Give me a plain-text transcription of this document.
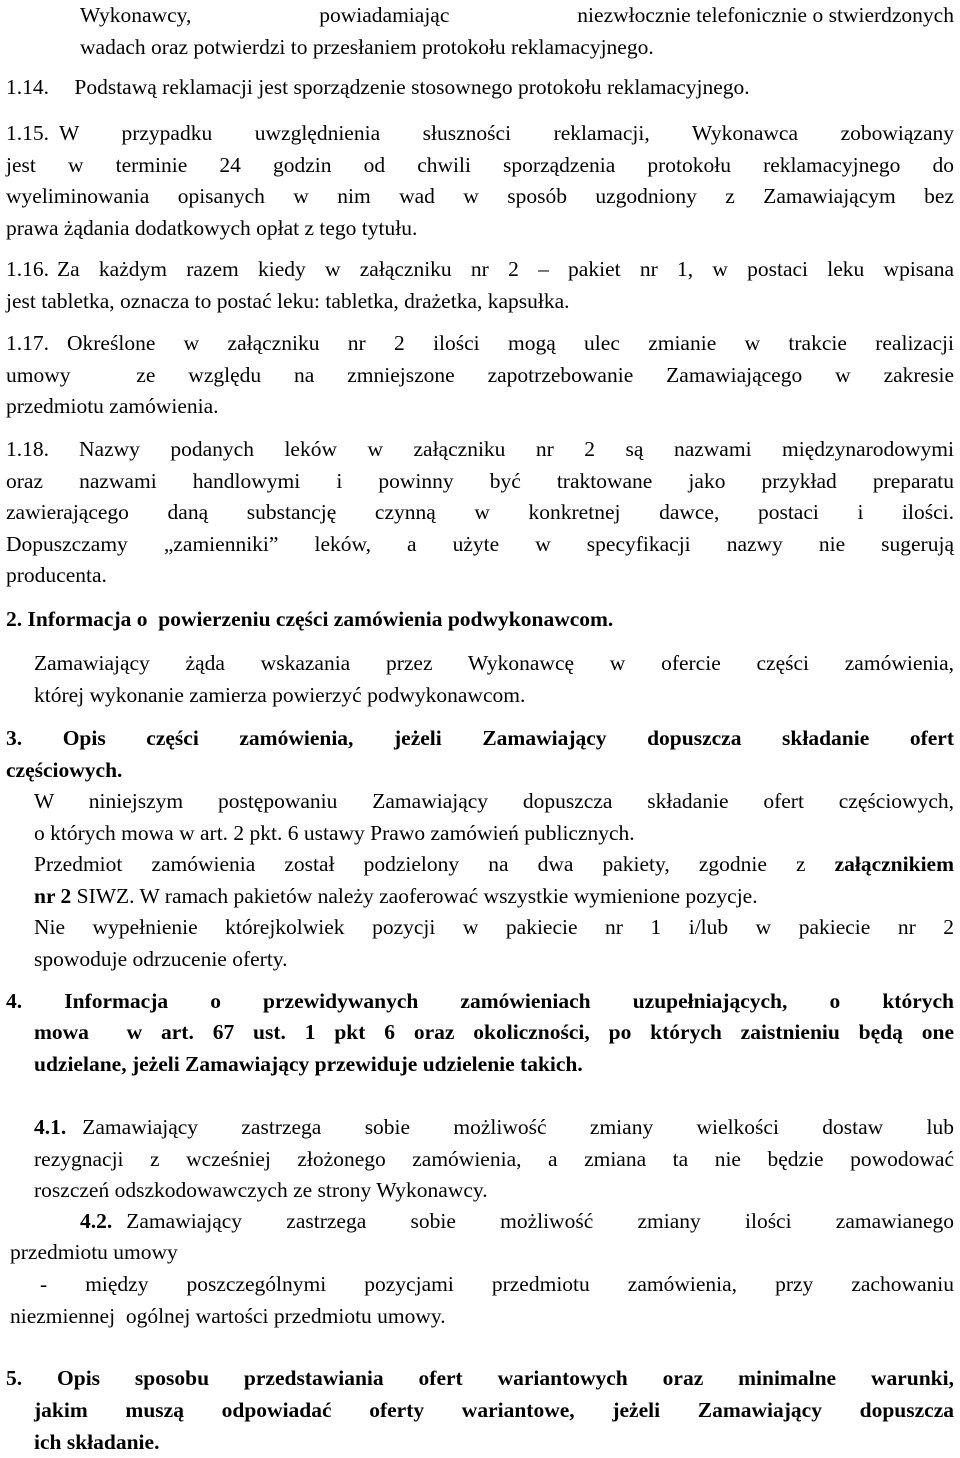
Wykonawcy,	powiadamiając	niezwłocznie telefonicznie o stwierdzonych
wadach oraz potwierdzi to przesłaniem protokołu reklamacyjnego.
1.14. Podstawą reklamacji jest sporządzenie stosownego protokołu reklamacyjnego.
1.15. W przypadku uwzględnienia słuszności reklamacji, Wykonawca zobowiązany
jest w terminie 24 godzin od chwili sporządzenia protokołu reklamacyjnego do
wyeliminowania opisanych w nim wad w sposób uzgodniony z Zamawiającym bez
prawa żądania dodatkowych opłat z tego tytułu.
1.16. Za każdym razem kiedy w załączniku nr 2 – pakiet nr 1, w postaci leku wpisana
jest tabletka, oznacza to postać leku: tabletka, drażetka, kapsułka.
1.17. Określone w załączniku nr 2 ilości mogą ulec zmianie w trakcie realizacji
umowy  ze względu na zmniejszone zapotrzebowanie Zamawiającego w zakresie
przedmiotu zamówienia.
1.18. Nazwy podanych leków w załączniku nr 2 są nazwami międzynarodowymi
oraz nazwami handlowymi i powinny być traktowane jako przykład preparatu
zawierającego daną substancję czynną w konkretnej dawce, postaci i ilości.
Dopuszczamy „zamienniki” leków, a użyte w specyfikacji nazwy nie sugerują
producenta.
2. Informacja o  powierzeniu części zamówienia podwykonawcom.
Zamawiający żąda wskazania przez Wykonawcę w ofercie części zamówienia,
której wykonanie zamierza powierzyć podwykonawcom.
3. Opis części zamówienia, jeżeli Zamawiający dopuszcza składanie ofert
częściowych.
W niniejszym postępowaniu Zamawiający dopuszcza składanie ofert częściowych,
o których mowa w art. 2 pkt. 6 ustawy Prawo zamówień publicznych.
Przedmiot zamówienia został podzielony na dwa pakiety, zgodnie z załącznikiem
nr 2 SIWZ. W ramach pakietów należy zaoferować wszystkie wymienione pozycje.
Nie wypełnienie którejkolwiek pozycji w pakiecie nr 1 i/lub w pakiecie nr 2
spowoduje odrzucenie oferty.
4. Informacja o przewidywanych zamówieniach uzupełniających, o których
mowa  w art. 67 ust. 1 pkt 6 oraz okoliczności, po których zaistnieniu będą one
udzielane, jeżeli Zamawiający przewiduje udzielenie takich.
4.1. Zamawiający zastrzega sobie możliwość zmiany wielkości dostaw lub
rezygnacji z wcześniej złożonego zamówienia, a zmiana ta nie będzie powodować
roszczeń odszkodowawczych ze strony Wykonawcy.
4.2. Zamawiający zastrzega sobie możliwość zmiany ilości zamawianego
przedmiotu umowy
- między poszczególnymi pozycjami przedmiotu zamówienia, przy zachowaniu
niezmiennej  ogólnej wartości przedmiotu umowy.
5. Opis sposobu przedstawiania ofert wariantowych oraz minimalne warunki,
jakim muszą odpowiadać oferty wariantowe, jeżeli Zamawiający dopuszcza
ich składanie.
